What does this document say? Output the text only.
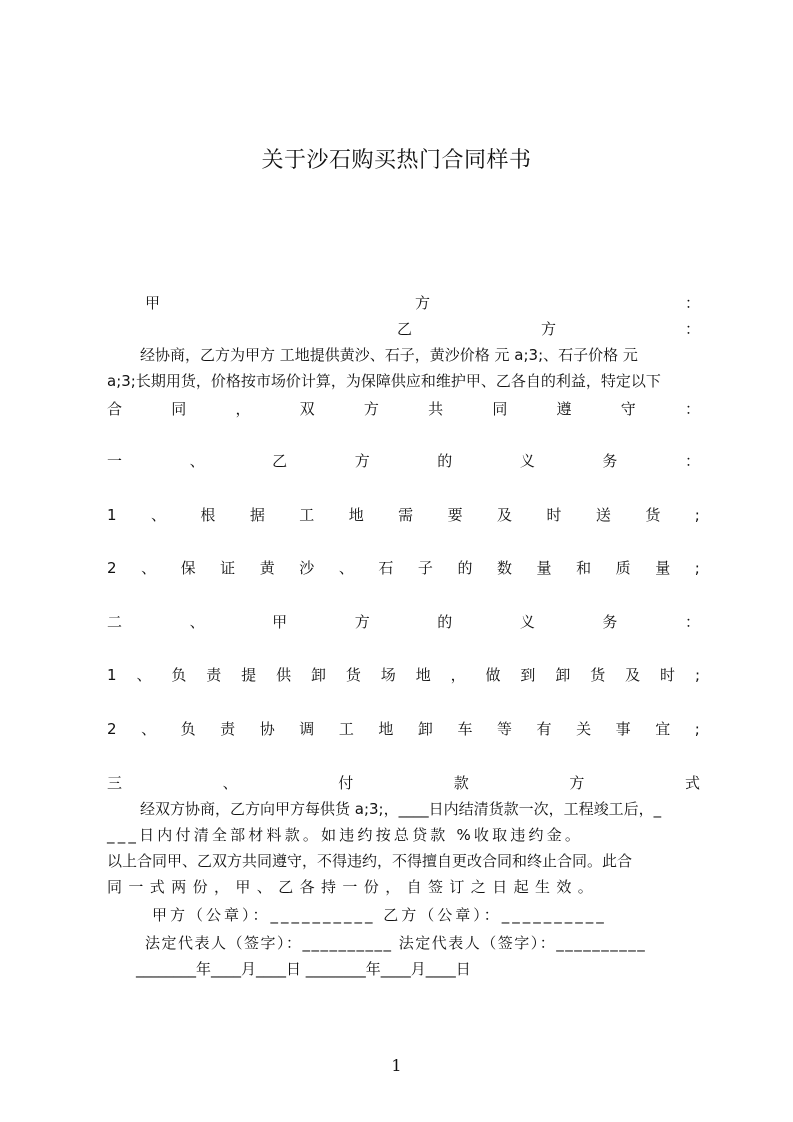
关于沙石购买热门合同样书
甲	方	：
乙	方	：
经协商，乙方为甲方 工地提供黄沙、石子，黄沙价格 元 a;3;、石子价格 元
a;3;长期用货，价格按市场价计算，为保障供应和维护甲、乙各自的利益，特定以下
合	同	，	双	方	共	同	遵	守	：
一	、	乙	方	的	义	务	：
1 、 根 据 工 地 需 要 及 时 送 货 ;
2 、 保 证 黄 沙 、 石 子 的 数 量 和 质 量 ;
二	、	甲	方	的	义	务	：
1 、 负 责 提 供 卸 货 场 地 ， 做 到 卸 货 及 时 ;
2 、 负 责 协 调 工 地 卸 车 等 有 关 事 宜 ;
三	、	付	款	方	式
经双方协商，乙方向甲方每供货 a;3;，____日内结清货款一次，工程竣工后，_
___日内付清全部材料款。如违约按总贷款 %收取违约金。
以上合同甲、乙双方共同遵守，不得违约，不得擅自更改合同和终止合同。此合
同一式两份，甲、乙各持一份，自签订之日起生效。
甲方（公章）：__________ 乙方（公章）：__________
法定代表人（签字）：__________ 法定代表人（签字）：__________
________年____月____日 ________年____月____日
1
